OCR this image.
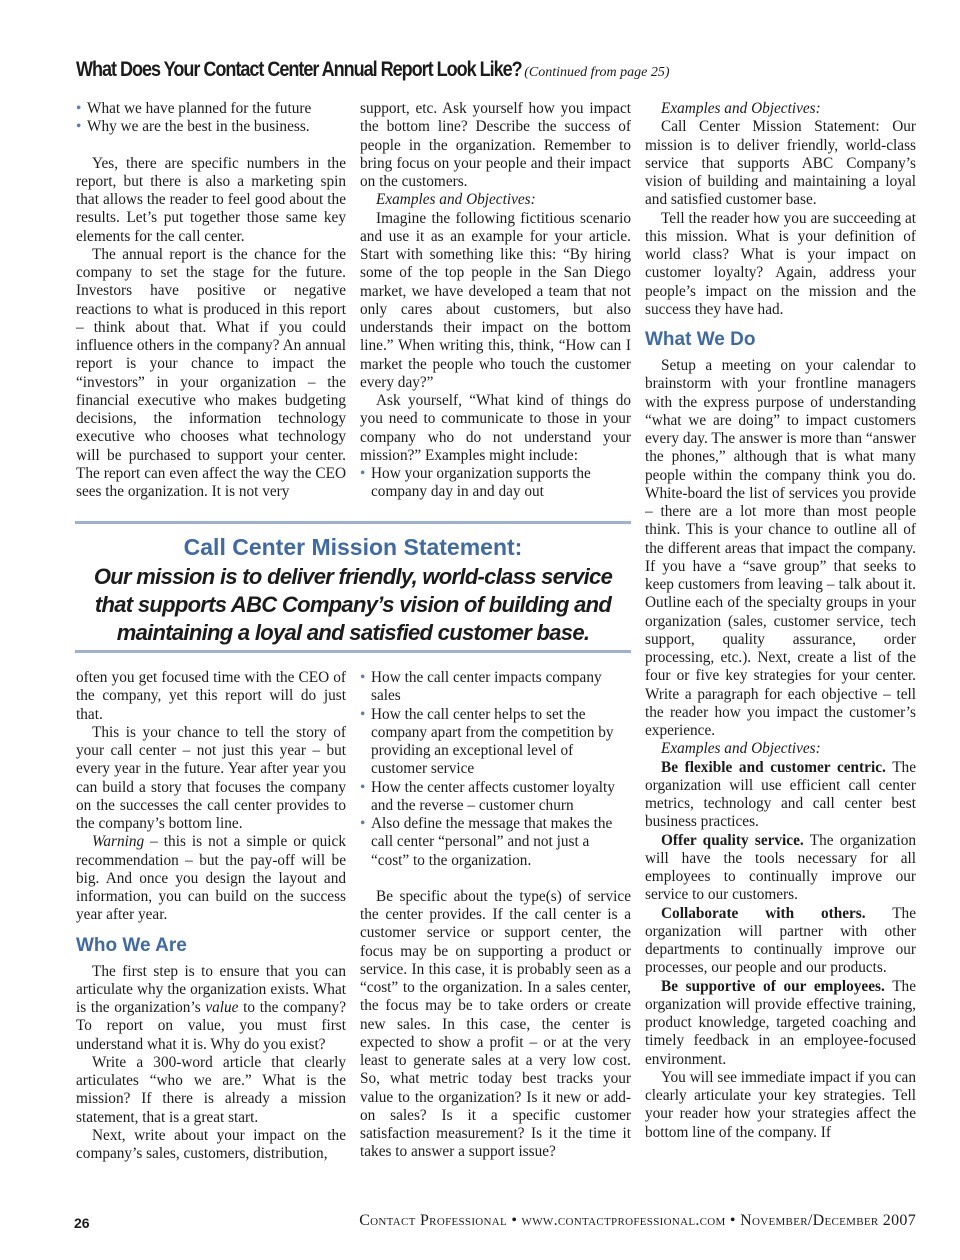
What Does Your Contact Center Annual Report Look Like? (Continued from page 25)
• What we have planned for the future
• Why we are the best in the business.

Yes, there are specific numbers in the report, but there is also a marketing spin that allows the reader to feel good about the results. Let’s put together those same key elements for the call center.

The annual report is the chance for the company to set the stage for the future. Investors have positive or negative reactions to what is produced in this report – think about that. What if you could influence others in the company? An annual report is your chance to impact the “investors” in your organization – the financial executive who makes budgeting decisions, the information technology executive who chooses what technology will be purchased to support your center. The report can even affect the way the CEO sees the organization. It is not very

support, etc. Ask yourself how you impact the bottom line? Describe the success of people in the organization. Remember to bring focus on your people and their impact on the customers.

Examples and Objectives:

Imagine the following fictitious scenario and use it as an example for your article. Start with something like this: “By hiring some of the top people in the San Diego market, we have developed a team that not only cares about customers, but also understands their impact on the bottom line.” When writing this, think, “How can I market the people who touch the customer every day?”

Ask yourself, “What kind of things do you need to communicate to those in your company who do not understand your mission?” Examples might include:

• How your organization supports the company day in and day out
Call Center Mission Statement:
Our mission is to deliver friendly, world-class service
that supports ABC Company’s vision of building and
maintaining a loyal and satisfied customer base.

often you get focused time with the CEO of the company, yet this report will do just that.

This is your chance to tell the story of your call center – not just this year – but every year in the future. Year after year you can build a story that focuses the company on the successes the call center provides to the company’s bottom line.

Warning – this is not a simple or quick recommendation – but the pay-off will be big. And once you design the layout and information, you can build on the success year after year.

Who We Are

The first step is to ensure that you can articulate why the organization exists. What is the organization’s value to the company? To report on value, you must first understand what it is. Why do you exist?

Write a 300-word article that clearly articulates “who we are.” What is the mission? If there is already a mission statement, that is a great start.

Next, write about your impact on the company’s sales, customers, distribution,

• How the call center impacts company sales
• How the call center helps to set the company apart from the competition by providing an exceptional level of customer service
• How the center affects customer loyalty and the reverse – customer churn
• Also define the message that makes the call center “personal” and not just a “cost” to the organization.

Be specific about the type(s) of service the center provides. If the call center is a customer service or support center, the focus may be on supporting a product or service. In this case, it is probably seen as a “cost” to the organization. In a sales center, the focus may be to take orders or create new sales. In this case, the center is expected to show a profit – or at the very least to generate sales at a very low cost. So, what metric today best tracks your value to the organization? Is it new or add-on sales? Is it a specific customer satisfaction measurement? Is it the time it takes to answer a support issue?

Examples and Objectives:

Call Center Mission Statement: Our mission is to deliver friendly, world-class service that supports ABC Company’s vision of building and maintaining a loyal and satisfied customer base.

Tell the reader how you are succeeding at this mission. What is your definition of world class? What is your impact on customer loyalty? Again, address your people’s impact on the mission and the success they have had.

What We Do

Setup a meeting on your calendar to brainstorm with your frontline managers with the express purpose of understanding “what we are doing” to impact customers every day. The answer is more than “answer the phones,” although that is what many people within the company think you do. White-board the list of services you provide – there are a lot more than most people think. This is your chance to outline all of the different areas that impact the company. If you have a “save group” that seeks to keep customers from leaving – talk about it. Outline each of the specialty groups in your organization (sales, customer service, tech support, quality assurance, order processing, etc.). Next, create a list of the four or five key strategies for your center. Write a paragraph for each objective – tell the reader how you impact the customer’s experience.

Examples and Objectives:

Be flexible and customer centric. The organization will use efficient call center metrics, technology and call center best business practices.

Offer quality service. The organization will have the tools necessary for all employees to continually improve our service to our customers.

Collaborate with others. The organization will partner with other departments to continually improve our processes, our people and our products.

Be supportive of our employees. The organization will provide effective training, product knowledge, targeted coaching and timely feedback in an employee-focused environment.

You will see immediate impact if you can clearly articulate your key strategies. Tell your reader how your strategies affect the bottom line of the company. If

26	Contact Professional • www.contactprofessional.com • November/December 2007
